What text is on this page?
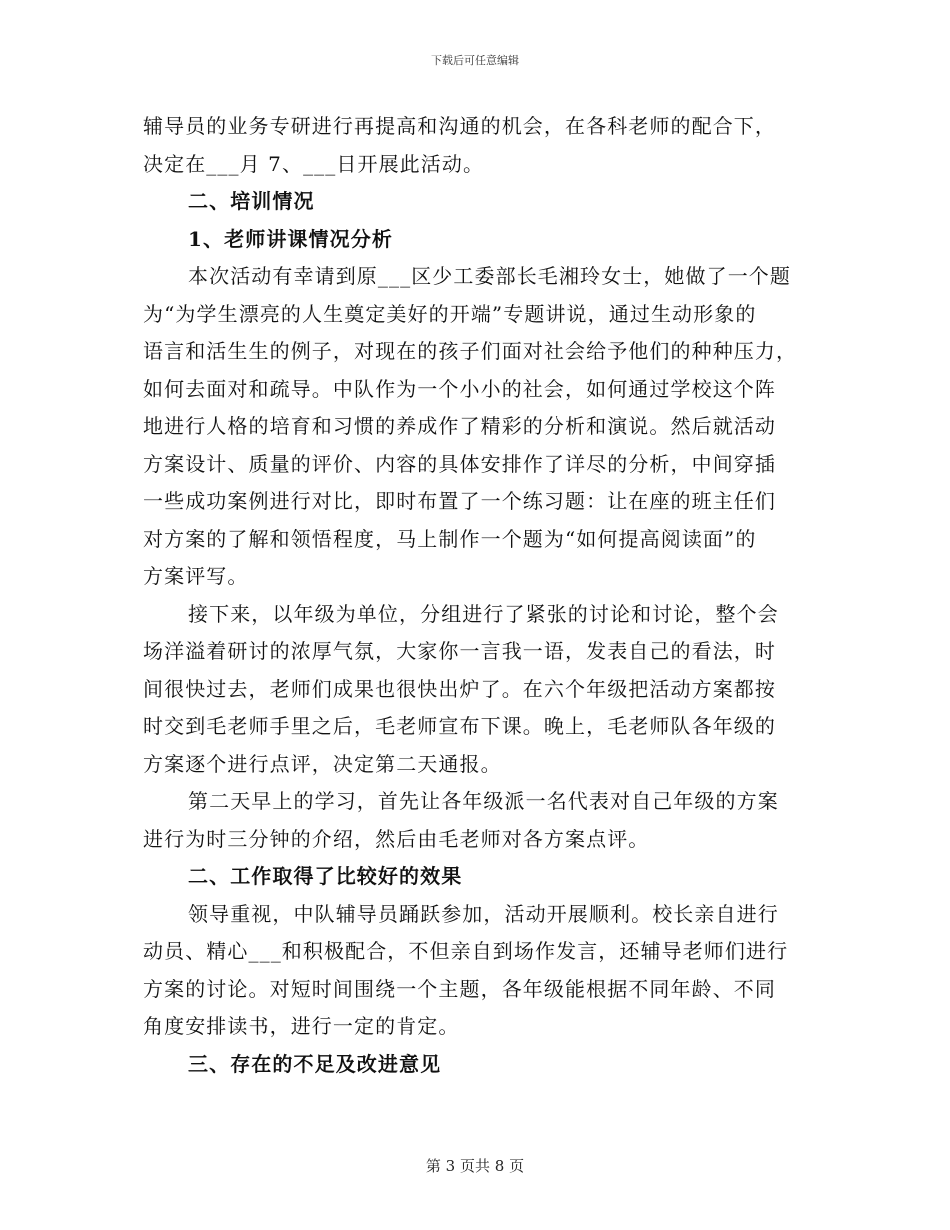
下载后可任意编辑
辅导员的业务专研进行再提高和沟通的机会，在各科老师的配合下，
决定在___月 7、___日开展此活动。
二、培训情况
1、老师讲课情况分析
本次活动有幸请到原___区少工委部长毛湘玲女士，她做了一个题
为“为学生漂亮的人生奠定美好的开端”专题讲说，通过生动形象的
语言和活生生的例子，对现在的孩子们面对社会给予他们的种种压力，
如何去面对和疏导。中队作为一个小小的社会，如何通过学校这个阵
地进行人格的培育和习惯的养成作了精彩的分析和演说。然后就活动
方案设计、质量的评价、内容的具体安排作了详尽的分析，中间穿插
一些成功案例进行对比，即时布置了一个练习题：让在座的班主任们
对方案的了解和领悟程度，马上制作一个题为“如何提高阅读面”的
方案评写。
接下来，以年级为单位，分组进行了紧张的讨论和讨论，整个会
场洋溢着研讨的浓厚气氛，大家你一言我一语，发表自己的看法，时
间很快过去，老师们成果也很快出炉了。在六个年级把活动方案都按
时交到毛老师手里之后，毛老师宣布下课。晚上，毛老师队各年级的
方案逐个进行点评，决定第二天通报。
第二天早上的学习，首先让各年级派一名代表对自己年级的方案
进行为时三分钟的介绍，然后由毛老师对各方案点评。
二、工作取得了比较好的效果
领导重视，中队辅导员踊跃参加，活动开展顺利。校长亲自进行
动员、精心___和积极配合，不但亲自到场作发言，还辅导老师们进行
方案的讨论。对短时间围绕一个主题，各年级能根据不同年龄、不同
角度安排读书，进行一定的肯定。
三、存在的不足及改进意见
第 3 页共 8 页
